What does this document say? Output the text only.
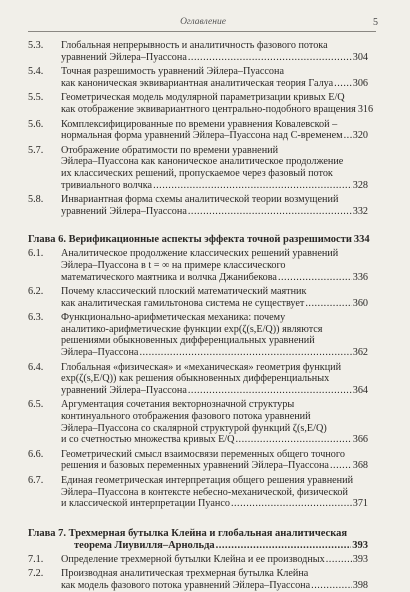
Оглавление	5
5.3. Глобальная непрерывность и аналитичность фазового потока
уравнений Эйлера–Пуассона .....	304
5.4. Точная разрешимость уравнений Эйлера–Пуассона
как каноническая эквивариантная аналитическая теория Галуа ..... 306
5.5. Геометрическая модель модулярной параметризации кривых E/Q
как отображение эквивариантного центрально-подобного вращения 316
5.6. Комплексифицированные по времени уравнения Ковалевской –
нормальная форма уравнений Эйлера–Пуассона над C-временем ..... 320
5.7. Отображение обратимости по времени уравнений
Эйлера–Пуассона как каноническое аналитическое продолжение
их классических решений, пропускаемое через фазовый поток
тривиального волчка .....	328
5.8. Инвариантная форма схемы аналитической теории возмущений
уравнений Эйлера–Пуассона .....	332
Глава 6. Верификационные аспекты эффекта точной разрешимости 334
6.1. Аналитическое продолжение классических решений уравнений
Эйлера–Пуассона в t = ∞ на примере классического
математического маятника и волчка Джанибекова .....	336
6.2. Почему классический плоский математический маятник
как аналитическая гамильтонова система не существует .....	360
6.3. Функционально-арифметическая механика: почему
аналитико-арифметические функции exp(ζ(s,E/Q)) являются
решениями обыкновенных дифференциальных уравнений
Эйлера–Пуассона .....	362
6.4. Глобальная «физическая» и «механическая» геометрия функций
exp(ζ(s,E/Q)) как решения обыкновенных дифференциальных
уравнений Эйлера–Пуассона .....	364
6.5. Аргументация сочетания векторнозначной структуры
континуального отображения фазового потока уравнений
Эйлера–Пуассона со скалярной структурой функций ζ(s,E/Q)
и со счетностью множества кривых E/Q .....	366
6.6. Геометрический смысл взаимосвязи переменных общего точного
решения и базовых переменных уравнений Эйлера–Пуассона ..... 368
6.7. Единая геометрическая интерпретация общего решения уравнений
Эйлера–Пуассона в контексте небесно-механической, физической
и классической интерпретации Пуансо .....	371
Глава 7. Трехмерная бутылка Клейна и глобальная аналитическая
теорема Лиувилля–Арнольда .....	393
7.1. Определение трехмерной бутылки Клейна и ее производных .....	393
7.2. Производная аналитическая трехмерная бутылка Клейна
как модель фазового потока уравнений Эйлера–Пуассона .....	398
